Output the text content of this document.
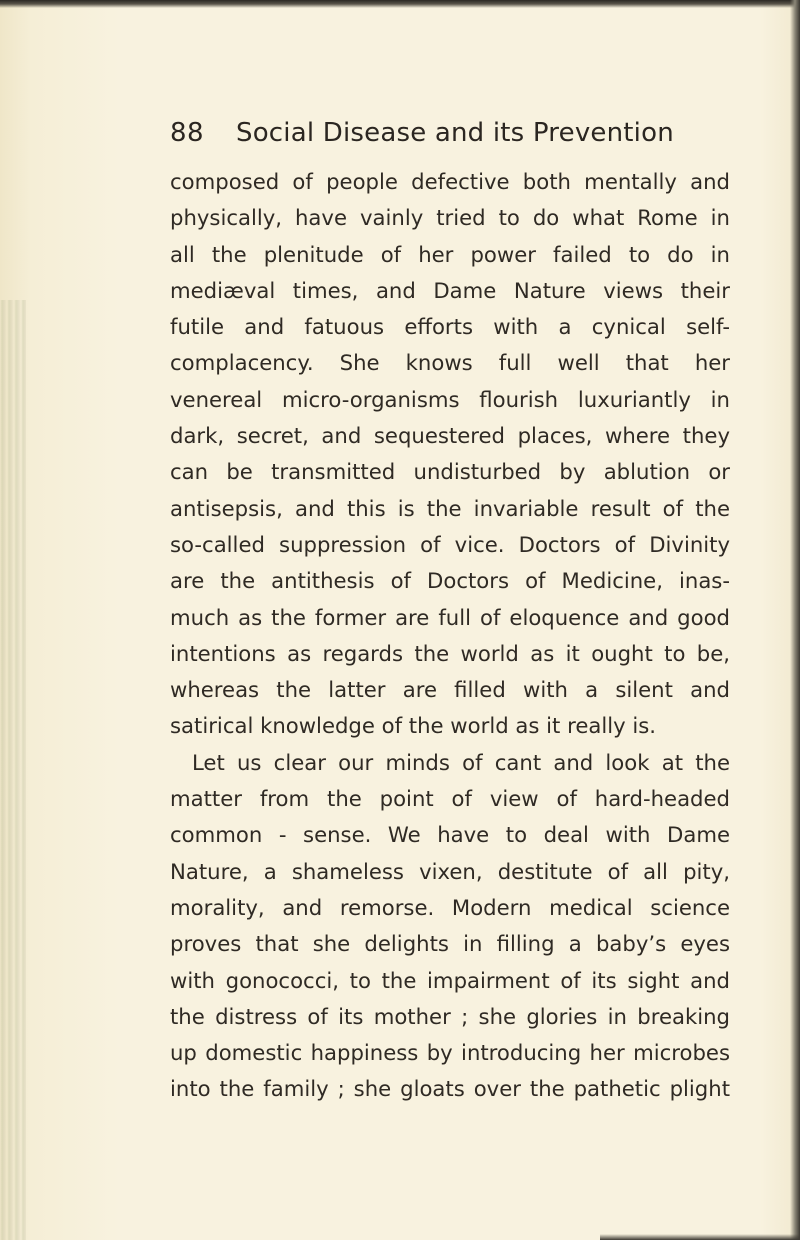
88 Social Disease and its Prevention
composed of people defective both mentally and
physically, have vainly tried to do what Rome in
all the plenitude of her power failed to do in
mediæval times, and Dame Nature views their
futile and fatuous efforts with a cynical self-
complacency. She knows full well that her
venereal micro-organisms flourish luxuriantly in
dark, secret, and sequestered places, where they
can be transmitted undisturbed by ablution or
antisepsis, and this is the invariable result of the
so-called suppression of vice. Doctors of Divinity
are the antithesis of Doctors of Medicine, inas-
much as the former are full of eloquence and good
intentions as regards the world as it ought to be,
whereas the latter are filled with a silent and
satirical knowledge of the world as it really is.
Let us clear our minds of cant and look at the
matter from the point of view of hard-headed
common - sense. We have to deal with Dame
Nature, a shameless vixen, destitute of all pity,
morality, and remorse. Modern medical science
proves that she delights in filling a baby’s eyes
with gonococci, to the impairment of its sight and
the distress of its mother ; she glories in breaking
up domestic happiness by introducing her microbes
into the family ; she gloats over the pathetic plight
